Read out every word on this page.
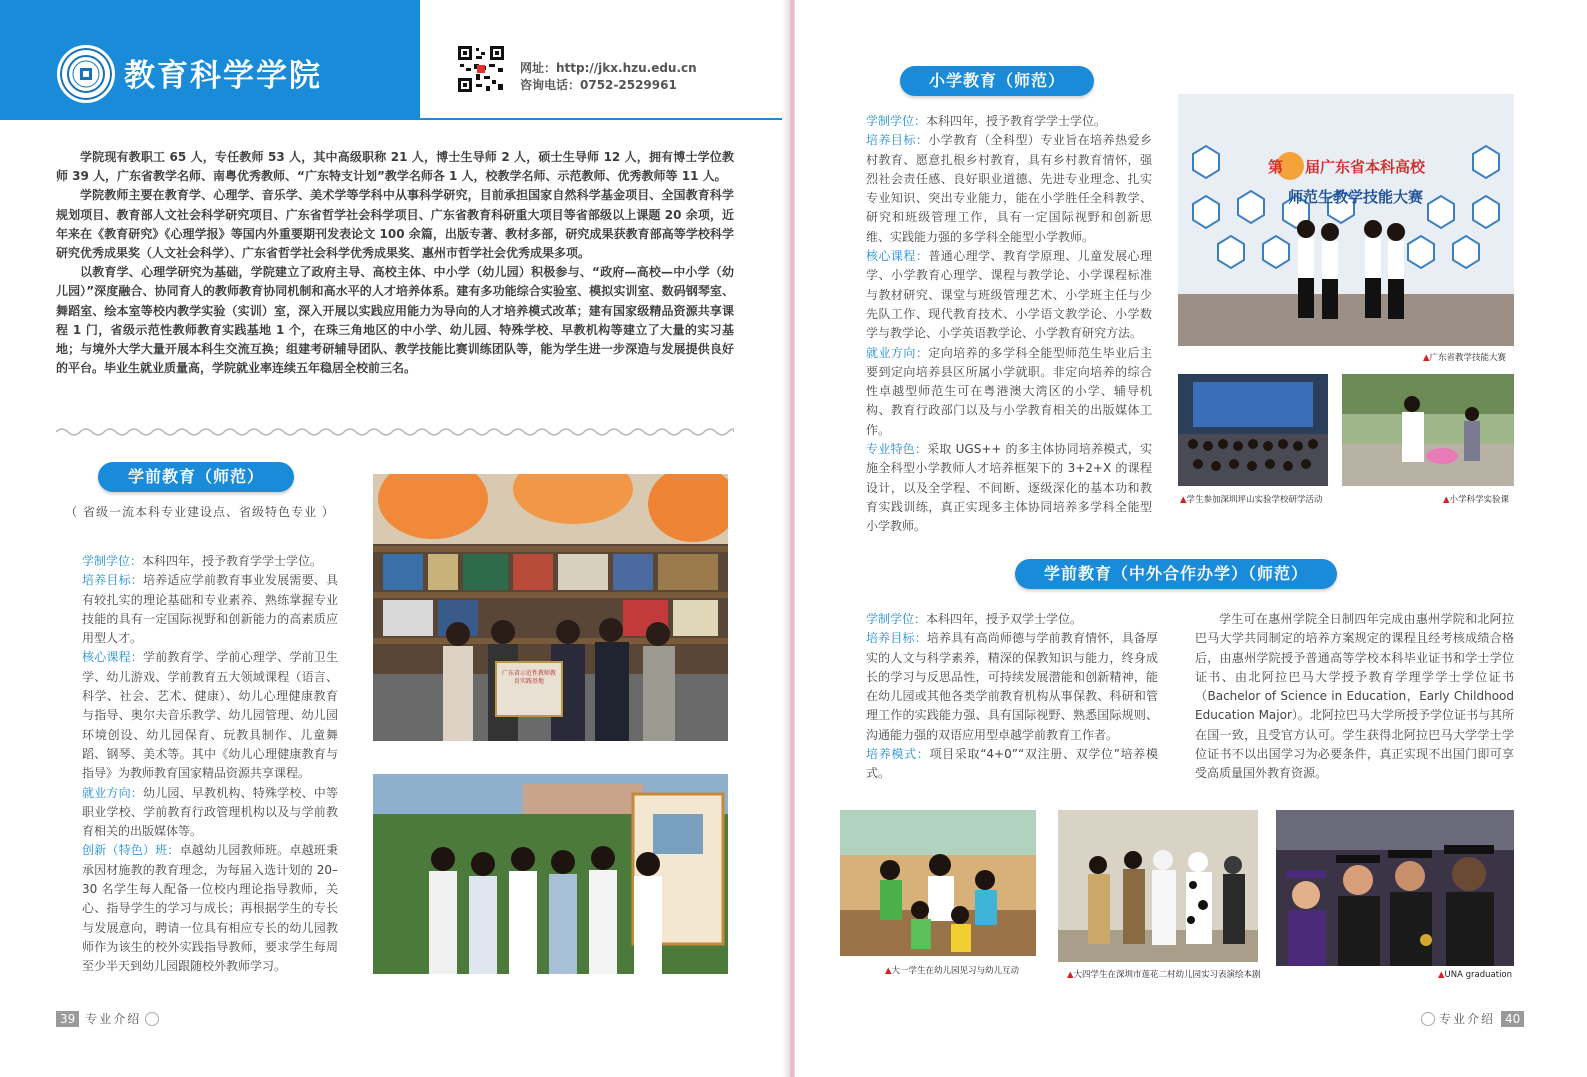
教育科学学院	网址：http://jkx.hzu.edu.cn
咨询电话：0752-2529961

学院现有教职工 65 人，专任教师 53 人，其中高级职称 21 人，博士生导师 2 人，硕士生导师 12 人，拥有博士学位教师 39 人，广东省教学名师、南粤优秀教师、“广东特支计划”教学名师各 1 人，校教学名师、示范教师、优秀教师等 11 人。

学院教师主要在教育学、心理学、音乐学、美术学等学科中从事科学研究，目前承担国家自然科学基金项目、全国教育科学规划项目、教育部人文社会科学研究项目、广东省哲学社会科学项目、广东省教育科研重大项目等省部级以上课题 20 余项，近年来在《教育研究》《心理学报》等国内外重要期刊发表论文 100 余篇，出版专著、教材多部，研究成果获教育部高等学校科学研究优秀成果奖（人文社会科学）、广东省哲学社会科学优秀成果奖、惠州市哲学社会优秀成果多项。

以教育学、心理学研究为基础，学院建立了政府主导、高校主体、中小学（幼儿园）积极参与、“政府—高校—中小学（幼儿园）”深度融合、协同育人的教师教育协同机制和高水平的人才培养体系。建有多功能综合实验室、模拟实训室、数码钢琴室、舞蹈室、绘本室等校内教学实验（实训）室，深入开展以实践应用能力为导向的人才培养模式改革；建有国家级精品资源共享课程 1 门，省级示范性教师教育实践基地 1 个，在珠三角地区的中小学、幼儿园、特殊学校、早教机构等建立了大量的实习基地；与境外大学大量开展本科生交流互换；组建考研辅导团队、教学技能比赛训练团队等，能为学生进一步深造与发展提供良好的平台。毕业生就业质量高，学院就业率连续五年稳居全校前三名。

学前教育（师范）
（ 省级一流本科专业建设点、省级特色专业 ）

学制学位：本科四年，授予教育学学士学位。

培养目标：培养适应学前教育事业发展需要、具有较扎实的理论基础和专业素养、熟练掌握专业技能的具有一定国际视野和创新能力的高素质应用型人才。

核心课程：学前教育学、学前心理学、学前卫生学、幼儿游戏、学前教育五大领域课程（语言、科学、社会、艺术、健康）、幼儿心理健康教育与指导、奥尔夫音乐教学、幼儿园管理、幼儿园环境创设、幼儿园保育、玩教具制作、儿童舞蹈、钢琴、美术等。其中《幼儿心理健康教育与指导》为教师教育国家精品资源共享课程。

就业方向：幼儿园、早教机构、特殊学校、中等职业学校、学前教育行政管理机构以及与学前教育相关的出版媒体等。

创新（特色）班：卓越幼儿园教师班。卓越班秉承因材施教的教育理念，为每届入选计划的 20–30 名学生每人配备一位校内理论指导教师，关心、指导学生的学习与成长；再根据学生的专长与发展意向，聘请一位具有相应专长的幼儿园教师作为该生的校外实践指导教师，要求学生每周至少半天到幼儿园跟随校外教师学习。

广东省示范性教师教育实践基地
39 专业介绍
小学教育（师范）

学制学位：本科四年，授予教育学学士学位。

培养目标：小学教育（全科型）专业旨在培养热爱乡村教育、愿意扎根乡村教育，具有乡村教育情怀，强烈社会责任感、良好职业道德、先进专业理念、扎实专业知识、突出专业能力，能在小学胜任全科教学、研究和班级管理工作，具有一定国际视野和创新思维、实践能力强的多学科全能型小学教师。

核心课程：普通心理学、教育学原理、儿童发展心理学、小学教育心理学、课程与教学论、小学课程标准与教材研究、课堂与班级管理艺术、小学班主任与少先队工作、现代教育技术、小学语文教学论、小学数学与教学论、小学英语教学论、小学教育研究方法。

就业方向：定向培养的多学科全能型师范生毕业后主要到定向培养县区所属小学就职。非定向培养的综合性卓越型师范生可在粤港澳大湾区的小学、辅导机构、教育行政部门以及与小学教育相关的出版媒体工作。

专业特色：采取 UGS++ 的多主体协同培养模式，实施全科型小学教师人才培养框架下的 3+2+X 的课程设计，以及全学程、不间断、逐级深化的基本功和教育实践训练，真正实现多主体协同培养多学科全能型小学教师。

第 届广东省本科高校
师范生教学技能大赛
▲广东省教学技能大赛
▲学生参加深圳坪山实验学校研学活动	▲小学科学实验课
学前教育（中外合作办学）（师范）

学制学位：本科四年，授予双学士学位。

培养目标：培养具有高尚师德与学前教育情怀，具备厚实的人文与科学素养，精深的保教知识与能力，终身成长的学习与反思品性，可持续发展潜能和创新精神，能在幼儿园或其他各类学前教育机构从事保教、科研和管理工作的实践能力强、具有国际视野、熟悉国际规则、沟通能力强的双语应用型卓越学前教育工作者。

培养模式：项目采取“4+0”“双注册、双学位”培养模式。

学生可在惠州学院全日制四年完成由惠州学院和北阿拉巴马大学共同制定的培养方案规定的课程且经考核成绩合格后，由惠州学院授予普通高等学校本科毕业证书和学士学位证书、由北阿拉巴马大学授予教育学理学学士学位证书（Bachelor of Science in Education，Early Childhood Education Major）。北阿拉巴马大学所授予学位证书与其所在国一致，且受官方认可。学生获得北阿拉巴马大学学士学位证书不以出国学习为必要条件，真正实现不出国门即可享受高质量国外教育资源。
▲大一学生在幼儿园见习与幼儿互动	▲大四学生在深圳市莲花二村幼儿园实习表演绘本剧	▲UNA graduation
专业介绍 40
